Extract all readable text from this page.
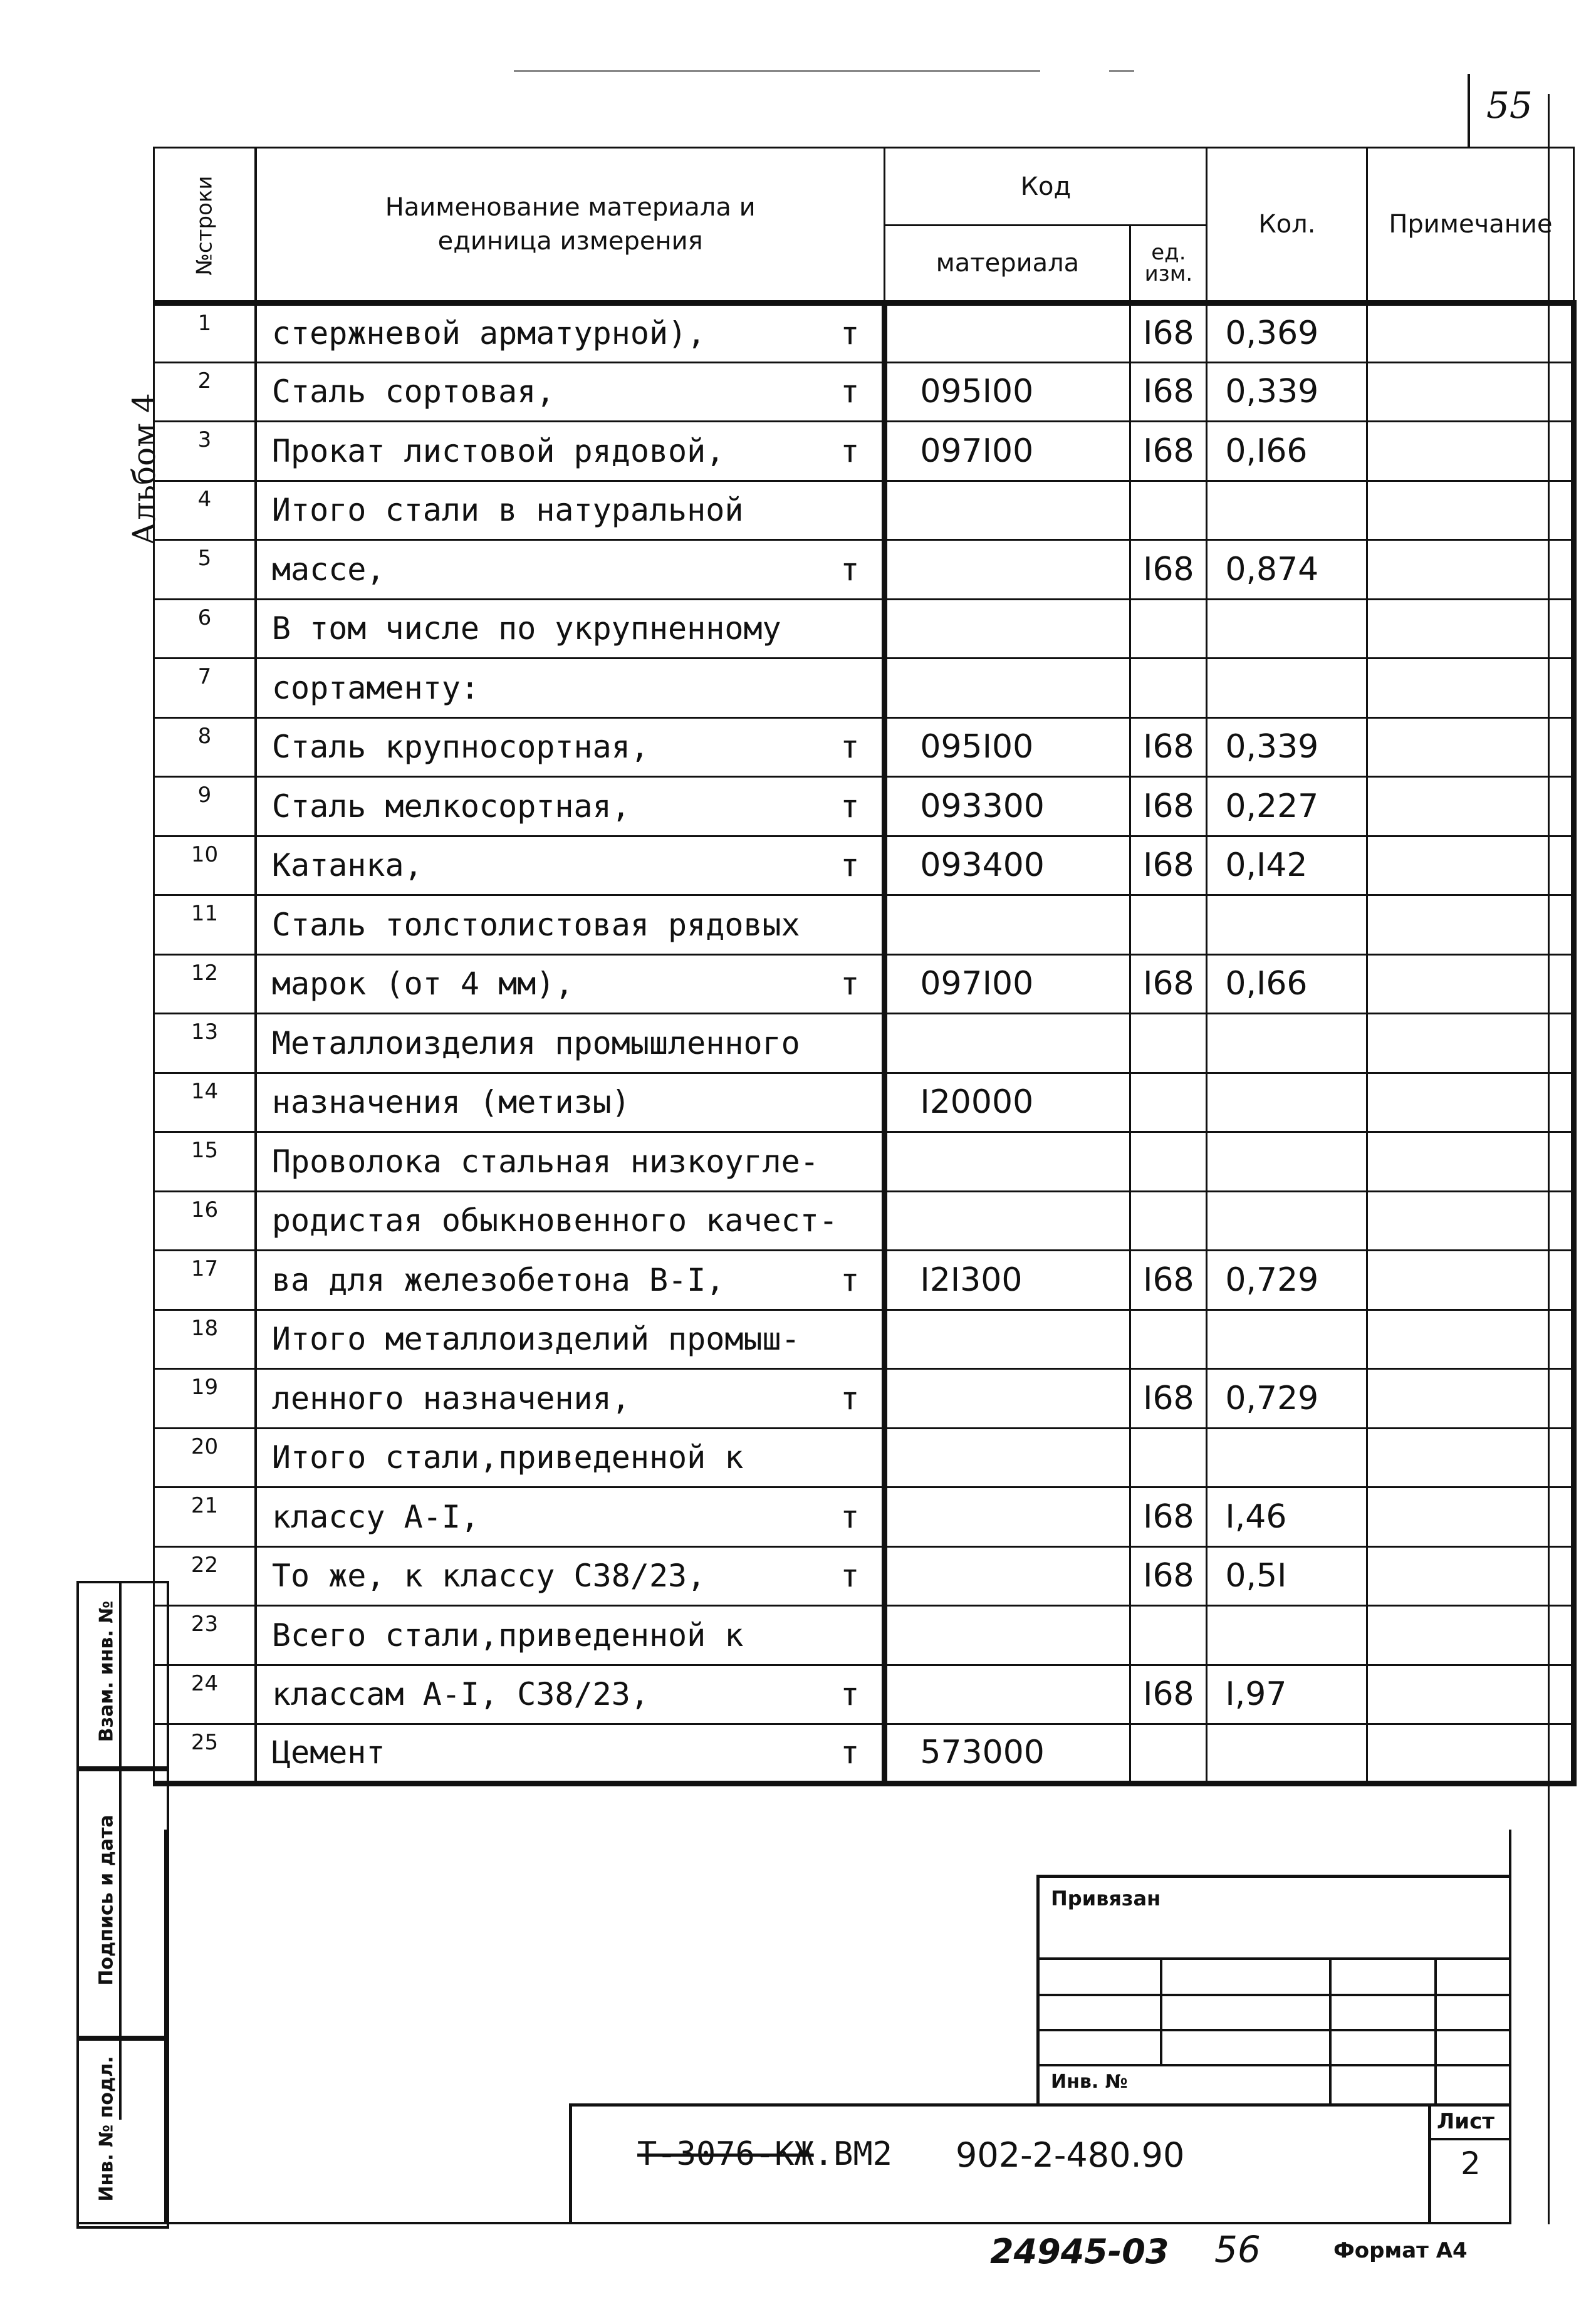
55
Альбом 4
№строки	Наименование материала и единица измерения	Код		Кол.	Примечание
		материала	ед. изм.		
1	стержневой арматурной), т		I68	0,369	
2	Сталь сортовая, т	095I00	I68	0,339	
3	Прокат листовой рядовой, т	097I00	I68	0,I66	
4	Итого стали в натуральной

5	массе, т		I68	0,874	
6	В том числе по укрупненному

7	сортаменту:

8	Сталь крупносортная, т	095I00	I68	0,339	
9	Сталь мелкосортная, т	093300	I68	0,227	
10	Катанка, т	093400	I68	0,I42	
11	Сталь толстолистовая рядовых

12	марок (от 4 мм), т	097I00	I68	0,I66	
13	Металлоизделия промышленного

14	назначения (метизы)	I20000			
15	Проволока стальная низкоугле-

16	родистая обыкновенного качест-

17	ва для железобетона В-I, т	I2I300	I68	0,729	
18	Итого металлоизделий промыш-

19	ленного назначения, т		I68	0,729	
20	Итого стали,приведенной к

21	классу А-I, т		I68	I,46	
22	То же, к классу С38/23, т		I68	0,5I	
23	Всего стали,приведенной к

24	классам А-I, С38/23, т		I68	I,97	
25	Цемент т	573000			
Взам. инв. №
Подпись и дата
Инв. № подл.
Привязан
Инв. №
Т-3076-КЖ.ВМ2 902-2-480.90
Лист
2
24945-03 56	Формат А4
